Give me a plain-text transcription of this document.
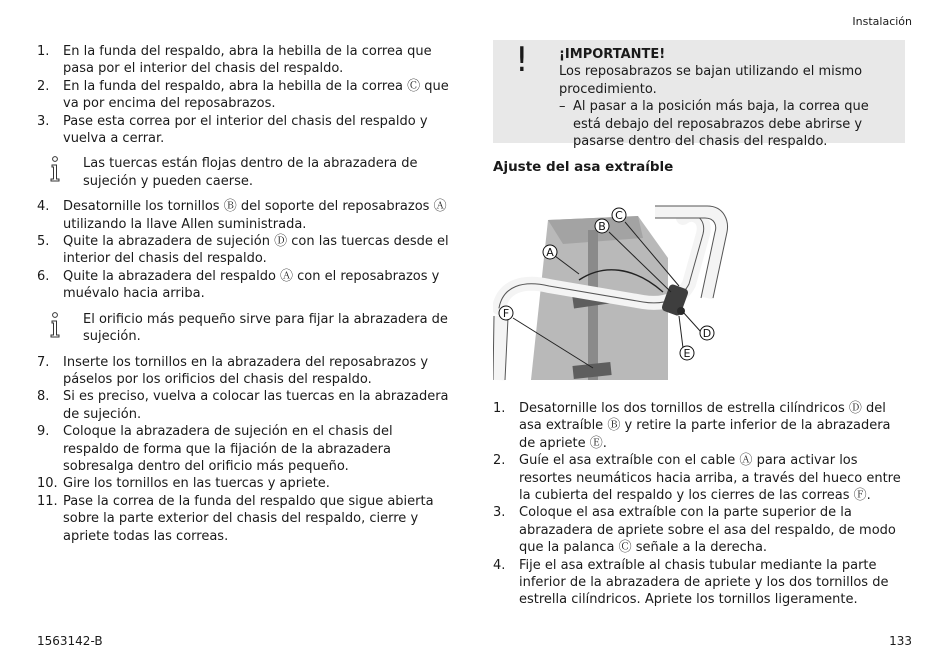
Instalación
1. En la funda del respaldo, abra la hebilla de la correa que pasa por el interior del chasis del respaldo.
2. En la funda del respaldo, abra la hebilla de la correa Ⓒ que va por encima del reposabrazos.
3. Pase esta correa por el interior del chasis del respaldo y vuelva a cerrar.
Las tuercas están flojas dentro de la abrazadera de sujeción y pueden caerse.
4. Desatornille los tornillos Ⓑ del soporte del reposabrazos Ⓐ utilizando la llave Allen suministrada.
5. Quite la abrazadera de sujeción Ⓓ con las tuercas desde el interior del chasis del respaldo.
6. Quite la abrazadera del respaldo Ⓐ con el reposabrazos y muévalo hacia arriba.
El orificio más pequeño sirve para fijar la abrazadera de sujeción.
7. Inserte los tornillos en la abrazadera del reposabrazos y páselos por los orificios del chasis del respaldo.
8. Si es preciso, vuelva a colocar las tuercas en la abrazadera de sujeción.
9. Coloque la abrazadera de sujeción en el chasis del respaldo de forma que la fijación de la abrazadera sobresalga dentro del orificio más pequeño.
10. Gire los tornillos en las tuercas y apriete.
11. Pase la correa de la funda del respaldo que sigue abierta sobre la parte exterior del chasis del respaldo, cierre y apriete todas las correas.
! ¡IMPORTANTE!
Los reposabrazos se bajan utilizando el mismo procedimiento.
– Al pasar a la posición más baja, la correa que está debajo del reposabrazos debe abrirse y pasarse dentro del chasis del respaldo.
Ajuste del asa extraíble
A
B
C
F
D
E
1. Desatornille los dos tornillos de estrella cilíndricos Ⓓ del asa extraíble Ⓑ y retire la parte inferior de la abrazadera de apriete Ⓔ.
2. Guíe el asa extraíble con el cable Ⓐ para activar los resortes neumáticos hacia arriba, a través del hueco entre la cubierta del respaldo y los cierres de las correas Ⓕ.
3. Coloque el asa extraíble con la parte superior de la abrazadera de apriete sobre el asa del respaldo, de modo que la palanca Ⓒ señale a la derecha.
4. Fije el asa extraíble al chasis tubular mediante la parte inferior de la abrazadera de apriete y los dos tornillos de estrella cilíndricos. Apriete los tornillos ligeramente.
1563142-B	133
